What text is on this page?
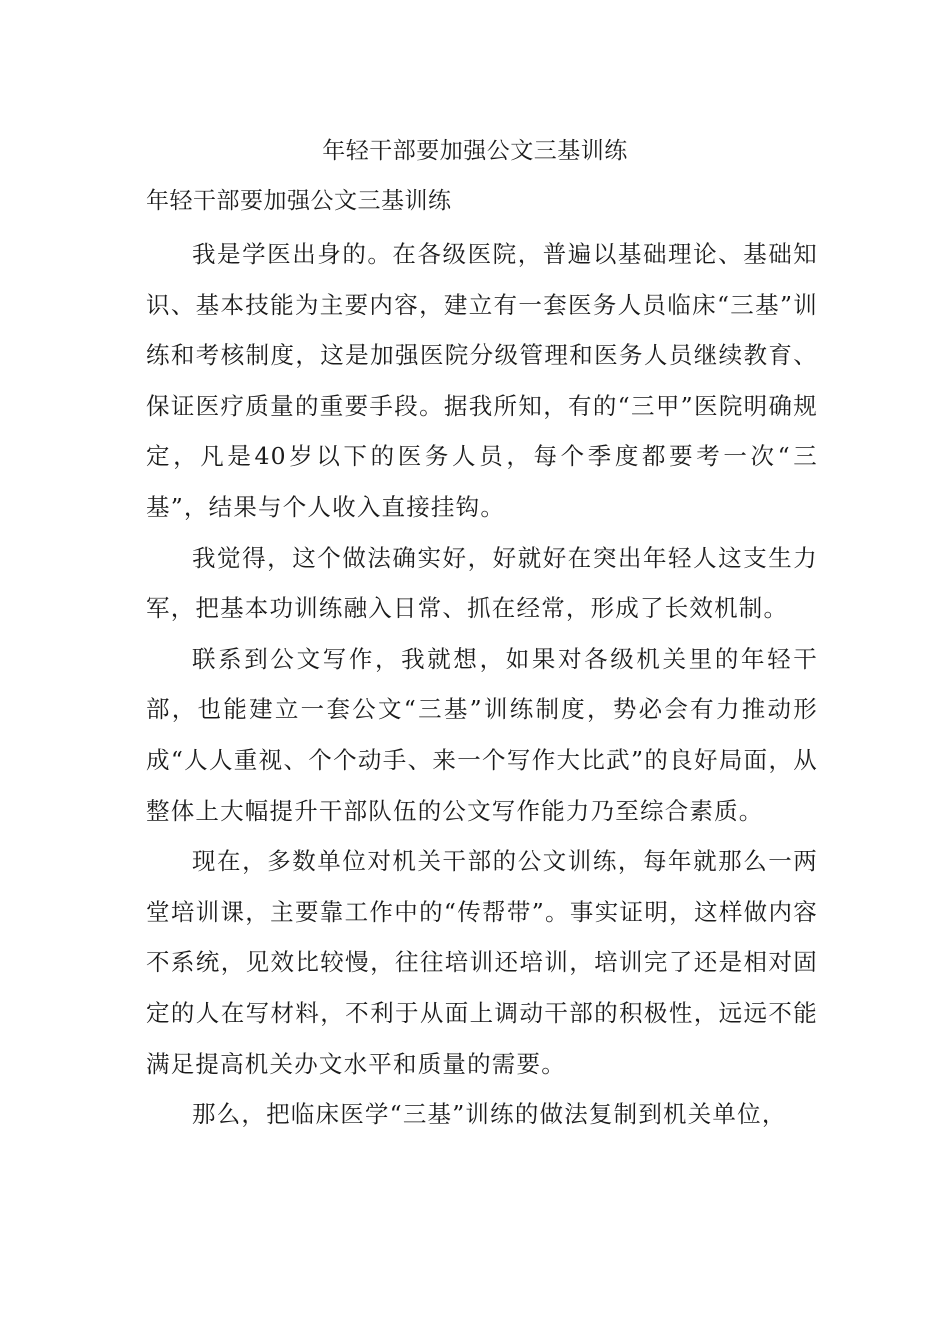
年轻干部要加强公文三基训练
年轻干部要加强公文三基训练

我是学医出身的。在各级医院，普遍以基础理论、基础知识、基本技能为主要内容，建立有一套医务人员临床“三基”训练和考核制度，这是加强医院分级管理和医务人员继续教育、保证医疗质量的重要手段。据我所知，有的“三甲”医院明确规定，凡是40岁以下的医务人员，每个季度都要考一次“三基”，结果与个人收入直接挂钩。

我觉得，这个做法确实好，好就好在突出年轻人这支生力军，把基本功训练融入日常、抓在经常，形成了长效机制。

联系到公文写作，我就想，如果对各级机关里的年轻干部，也能建立一套公文“三基”训练制度，势必会有力推动形成“人人重视、个个动手、来一个写作大比武”的良好局面，从整体上大幅提升干部队伍的公文写作能力乃至综合素质。

现在，多数单位对机关干部的公文训练，每年就那么一两堂培训课，主要靠工作中的“传帮带”。事实证明，这样做内容不系统，见效比较慢，往往培训还培训，培训完了还是相对固定的人在写材料，不利于从面上调动干部的积极性，远远不能满足提高机关办文水平和质量的需要。

那么，把临床医学“三基”训练的做法复制到机关单位，
